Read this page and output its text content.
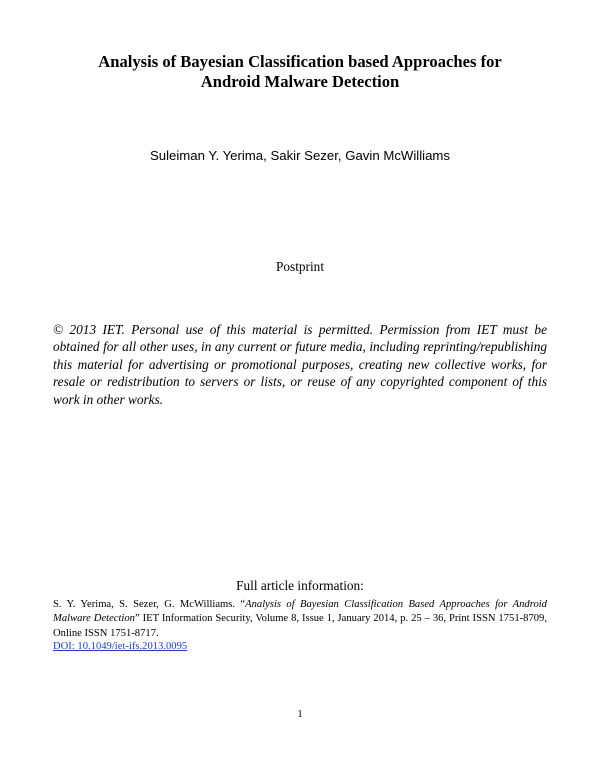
Analysis of Bayesian Classification based Approaches for
Android Malware Detection
Suleiman Y. Yerima, Sakir Sezer, Gavin McWilliams
Postprint

© 2013 IET. Personal use of this material is permitted. Permission from IET must be obtained for all other uses, in any current or future media, including reprinting/republishing this material for advertising or promotional purposes, creating new collective works, for resale or redistribution to servers or lists, or reuse of any copyrighted component of this work in other works.

Full article information:

S. Y. Yerima, S. Sezer, G. McWilliams. “Analysis of Bayesian Classification Based Approaches for Android Malware Detection” IET Information Security, Volume 8, Issue 1, January 2014, p. 25 – 36, Print ISSN 1751-8709, Online ISSN 1751-8717.

DOI: 10.1049/iet-ifs.2013.0095
1
